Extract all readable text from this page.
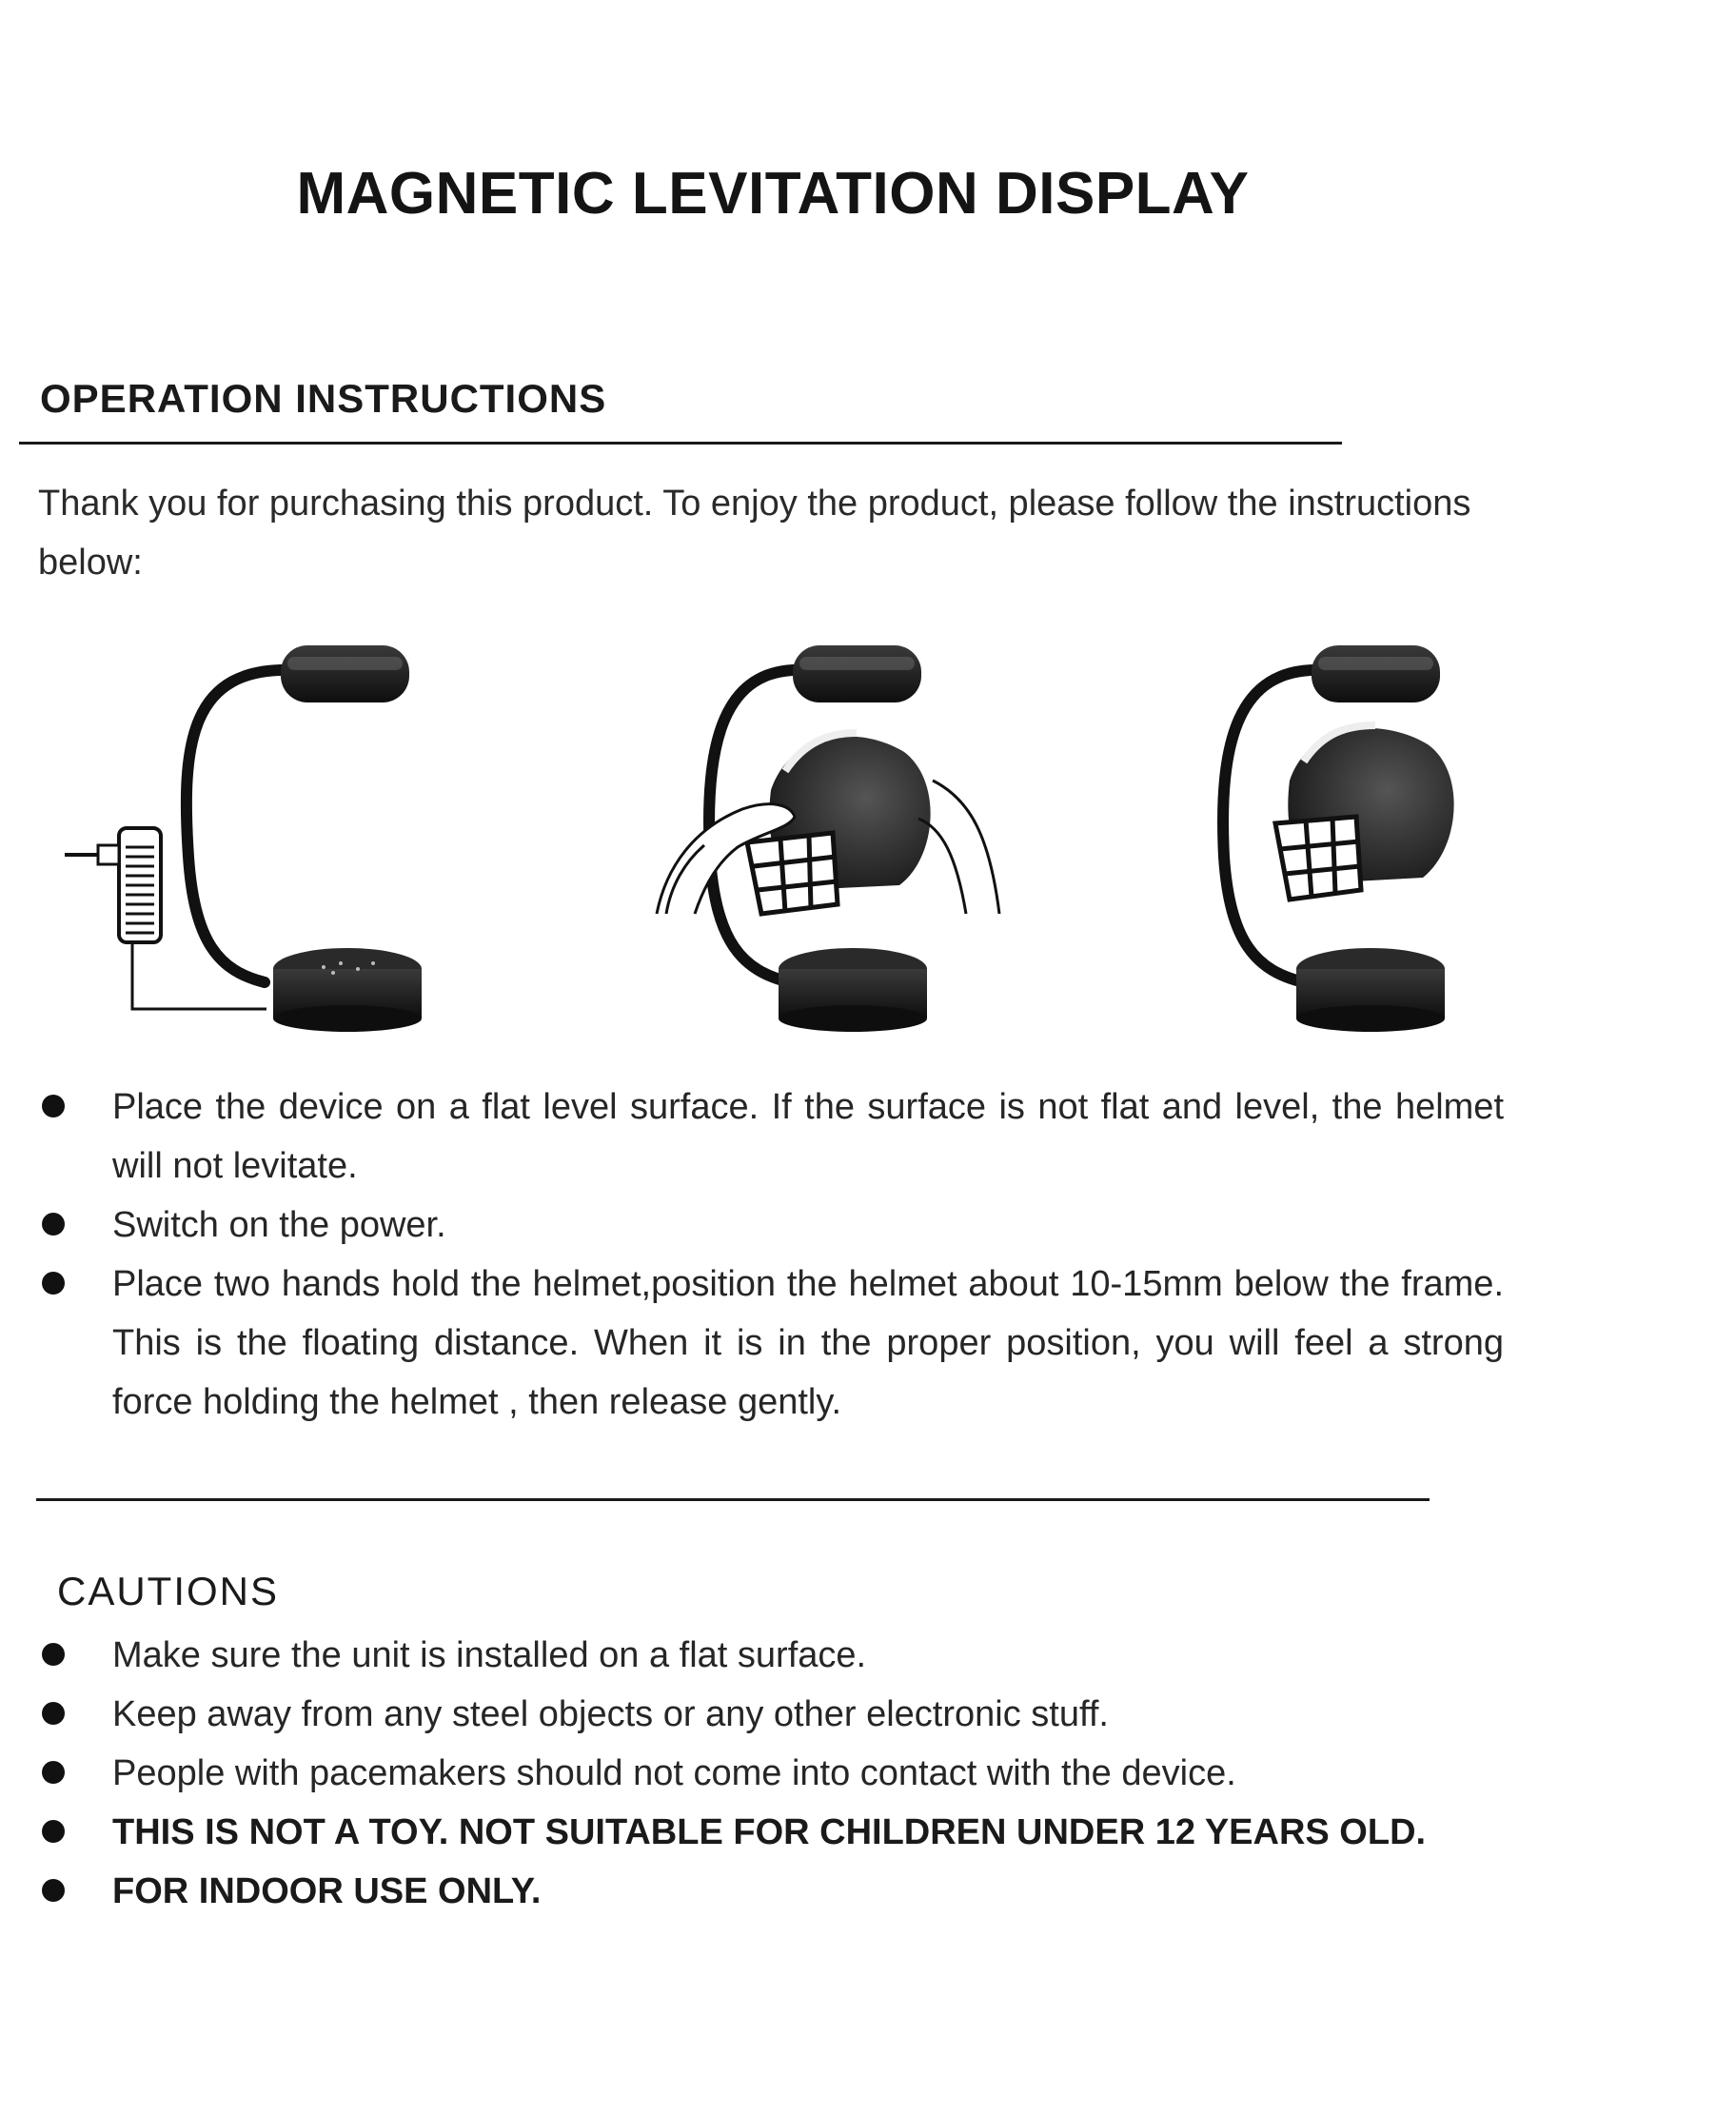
MAGNETIC LEVITATION DISPLAY
OPERATION INSTRUCTIONS
Thank you for purchasing this product. To enjoy the product, please follow the instructions below:
Place the device on a flat level surface. If the surface is not flat and level, the helmet will not levitate.
Switch on the power.
Place two hands hold the helmet,position the helmet about 10-15mm below the frame. This is the floating distance. When it is in the proper position, you will feel a strong force holding the helmet , then release gently.
CAUTIONS
Make sure the unit is installed on a flat surface.
Keep away from any steel objects or any other electronic stuff.
People with pacemakers should not come into contact with the device.
THIS IS NOT A TOY. NOT SUITABLE FOR CHILDREN UNDER 12 YEARS OLD.
FOR INDOOR USE ONLY.
